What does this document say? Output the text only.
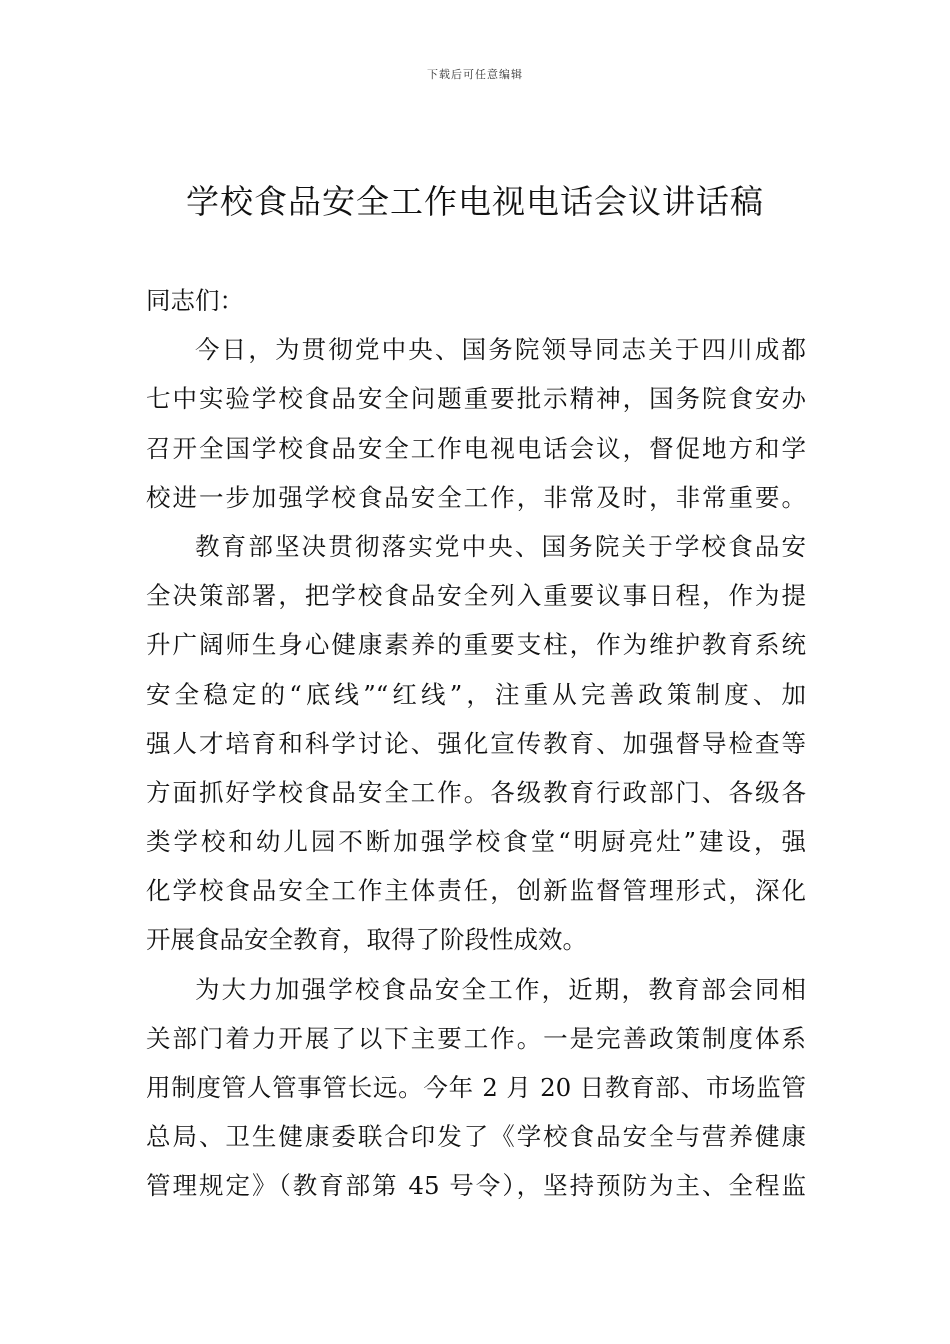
下载后可任意编辑
学校食品安全工作电视电话会议讲话稿
同志们：
今日，为贯彻党中央、国务院领导同志关于四川成都
七中实验学校食品安全问题重要批示精神，国务院食安办
召开全国学校食品安全工作电视电话会议，督促地方和学
校进一步加强学校食品安全工作，非常及时，非常重要。
教育部坚决贯彻落实党中央、国务院关于学校食品安
全决策部署，把学校食品安全列入重要议事日程，作为提
升广阔师生身心健康素养的重要支柱，作为维护教育系统
安全稳定的“底线”“红线”，注重从完善政策制度、加
强人才培育和科学讨论、强化宣传教育、加强督导检查等
方面抓好学校食品安全工作。各级教育行政部门、各级各
类学校和幼儿园不断加强学校食堂“明厨亮灶”建设，强
化学校食品安全工作主体责任，创新监督管理形式，深化
开展食品安全教育，取得了阶段性成效。
为大力加强学校食品安全工作，近期，教育部会同相
关部门着力开展了以下主要工作。一是完善政策制度体系
用制度管人管事管长远。今年 2 月 20 日教育部、市场监管
总局、卫生健康委联合印发了《学校食品安全与营养健康
管理规定》（教育部第 45 号令），坚持预防为主、全程监
